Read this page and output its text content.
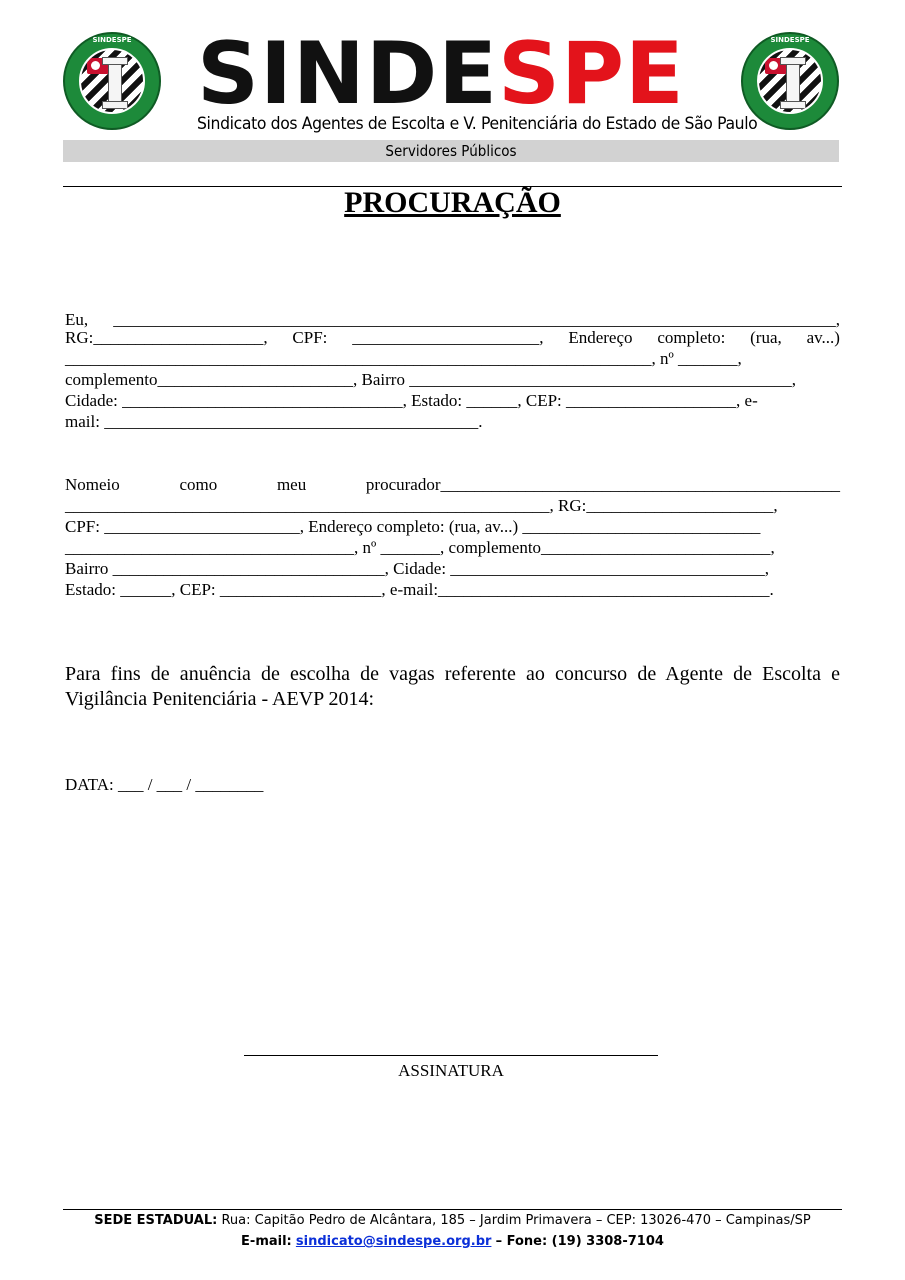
SINDESPE SINDESPE
Sindicato dos Agentes de Escolta e V. Penitenciária do Estado de São Paulo
SINDESPE
Servidores Públicos
PROCURAÇÃO
Eu, _____________________________________________________________________________________,
RG:____________________, CPF: ______________________, Endereço completo: (rua, av...)
_____________________________________________________________________, nº _______,
complemento_______________________, Bairro _____________________________________________,
Cidade: _________________________________, Estado: ______, CEP: ____________________, e-
mail: ____________________________________________.
Nomeio	como	meu	procurador_______________________________________________
_________________________________________________________, RG:______________________,
CPF: _______________________, Endereço completo: (rua, av...) ____________________________
__________________________________, nº _______, complemento___________________________,
Bairro ________________________________, Cidade: _____________________________________,
Estado: ______, CEP: ___________________, e-mail:_______________________________________.
Para fins de anuência de escolha de vagas referente ao concurso de Agente de Escolta e Vigilância Penitenciária - AEVP 2014:
DATA: ___ / ___ / ________
ASSINATURA
SEDE ESTADUAL: Rua: Capitão Pedro de Alcântara, 185 – Jardim Primavera – CEP: 13026-470 – Campinas/SP
E-mail: sindicato@sindespe.org.br – Fone: (19) 3308-7104
